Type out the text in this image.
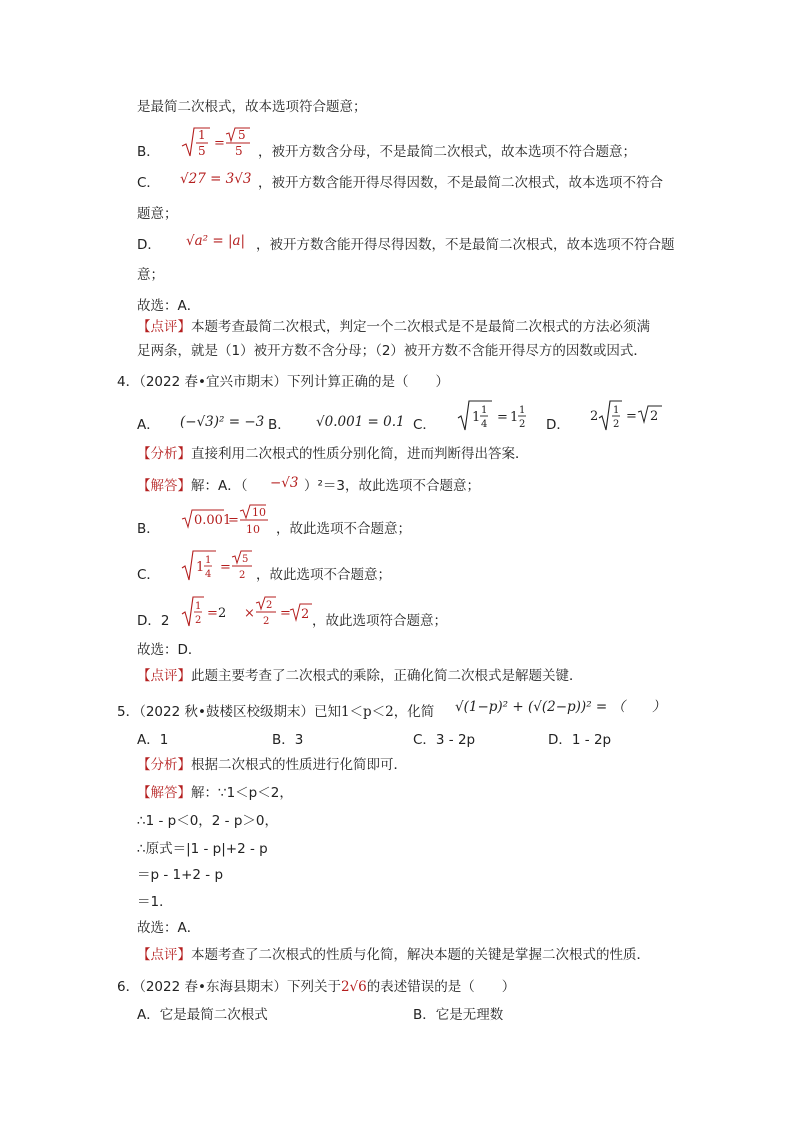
是最简二次根式，故本选项符合题意；
B．
1
5 =
5
5 ，被开方数含分母，不是最简二次根式，故本选项不符合题意；
C． √27 = 3√3 ，被开方数含能开得尽得因数，不是最简二次根式，故本选项不符合
题意；
D． √a² = |a| ，被开方数含能开得尽得因数，不是最简二次根式，故本选项不符合题
意；
故选：A．
【点评】本题考查最简二次根式，判定一个二次根式是不是最简二次根式的方法必须满
足两条，就是（1）被开方数不含分母；（2）被开方数不含能开得尽方的因数或因式．
4．（2022 春•宜兴市期末）下列计算正确的是（　　）
A． (−√3)² = −3 B． √0.001 = 0.1 C．	1 1
4 = 1 1
2 D．
2 1
2
= 2
【分析】直接利用二次根式的性质分别化简，进而判断得出答案．
【解答】解：A．（ −√3 ）²＝3，故此选项不合题意；
B．
0.001
=
10
10 ，故此选项不合题意；
C．	1 1
4 =
5
2 ，故此选项不合题意；
D．2
1
2 = 2 ×
2
2
= 2 ，故此选项符合题意；
故选：D．
【点评】此题主要考查了二次根式的乘除，正确化简二次根式是解题关键．
5．（2022 秋•鼓楼区校级期末）已知1＜p＜2，化简 √(1−p)² + (√(2−p))² = （　　）
A．1	B．3	C．3 - 2p	D．1 - 2p
【分析】根据二次根式的性质进行化简即可．
【解答】解：∵1＜p＜2，
∴1 - p＜0，2 - p＞0，
∴原式＝|1 - p|+2 - p
＝p - 1+2 - p
＝1．
故选：A．
【点评】本题考查了二次根式的性质与化简，解决本题的关键是掌握二次根式的性质．
6．（2022 春•东海县期末）下列关于2√6的表述错误的是（　　）
A．它是最简二次根式	B．它是无理数
